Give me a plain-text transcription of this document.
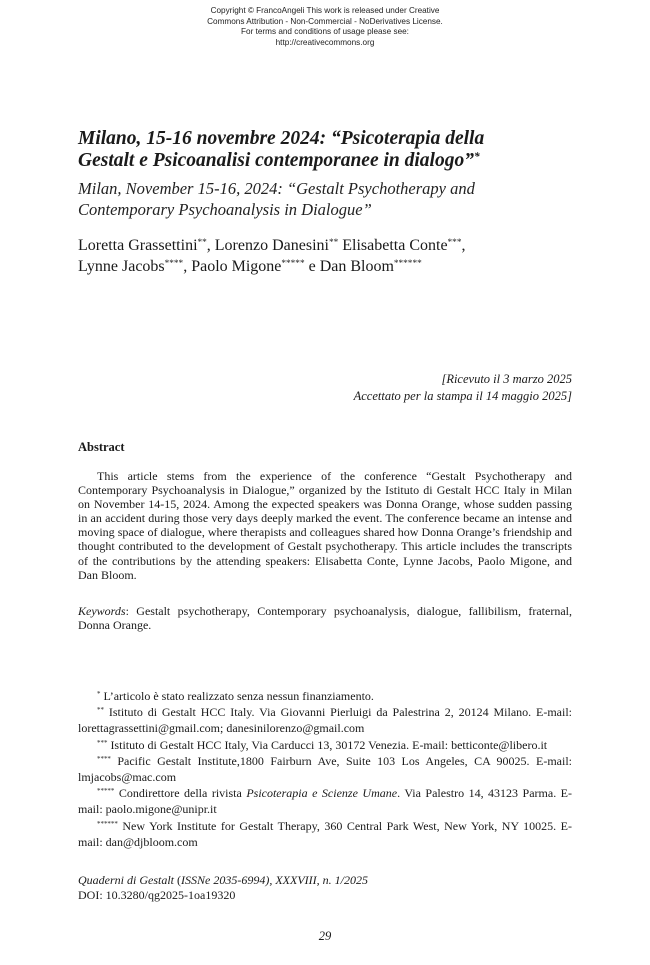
Copyright © FrancoAngeli This work is released under Creative
Commons Attribution - Non-Commercial - NoDerivatives License.
For terms and conditions of usage please see:
http://creativecommons.org
Milano, 15-16 novembre 2024: “Psicoterapia della
Gestalt e Psicoanalisi contemporanee in dialogo”*
Milan, November 15-16, 2024: “Gestalt Psychotherapy and
Contemporary Psychoanalysis in Dialogue”
Loretta Grassettini**, Lorenzo Danesini** Elisabetta Conte***,
Lynne Jacobs****, Paolo Migone***** e Dan Bloom******
[Ricevuto il 3 marzo 2025
Accettato per la stampa il 14 maggio 2025]
Abstract
This article stems from the experience of the conference “Gestalt Psychotherapy and Contemporary Psychoanalysis in Dialogue,” organized by the Istituto di Gestalt HCC Italy in Milan on November 14-15, 2024. Among the expected speakers was Donna Orange, whose sudden passing in an accident during those very days deeply marked the event. The conference became an intense and moving space of dialogue, where therapists and colleagues shared how Donna Orange’s friendship and thought contributed to the development of Gestalt psychotherapy. This article includes the transcripts of the contributions by the attending speakers: Elisabetta Conte, Lynne Jacobs, Paolo Migone, and Dan Bloom.
Keywords: Gestalt psychotherapy, Contemporary psychoanalysis, dialogue, fallibilism, fraternal, Donna Orange.
* L’articolo è stato realizzato senza nessun finanziamento.
** Istituto di Gestalt HCC Italy. Via Giovanni Pierluigi da Palestrina 2, 20124 Milano. E-mail: lorettagrassettini@gmail.com; danesinilorenzo@gmail.com
*** Istituto di Gestalt HCC Italy, Via Carducci 13, 30172 Venezia. E-mail: betticonte@libero.it
**** Pacific Gestalt Institute,1800 Fairburn Ave, Suite 103 Los Angeles, CA 90025. E-mail: lmjacobs@mac.com
***** Condirettore della rivista Psicoterapia e Scienze Umane. Via Palestro 14, 43123 Parma. E-mail: paolo.migone@unipr.it
****** New York Institute for Gestalt Therapy, 360 Central Park West, New York, NY 10025. E-mail: dan@djbloom.com
Quaderni di Gestalt (ISSNe 2035-6994), XXXVIII, n. 1/2025
DOI: 10.3280/qg2025-1oa19320
29
